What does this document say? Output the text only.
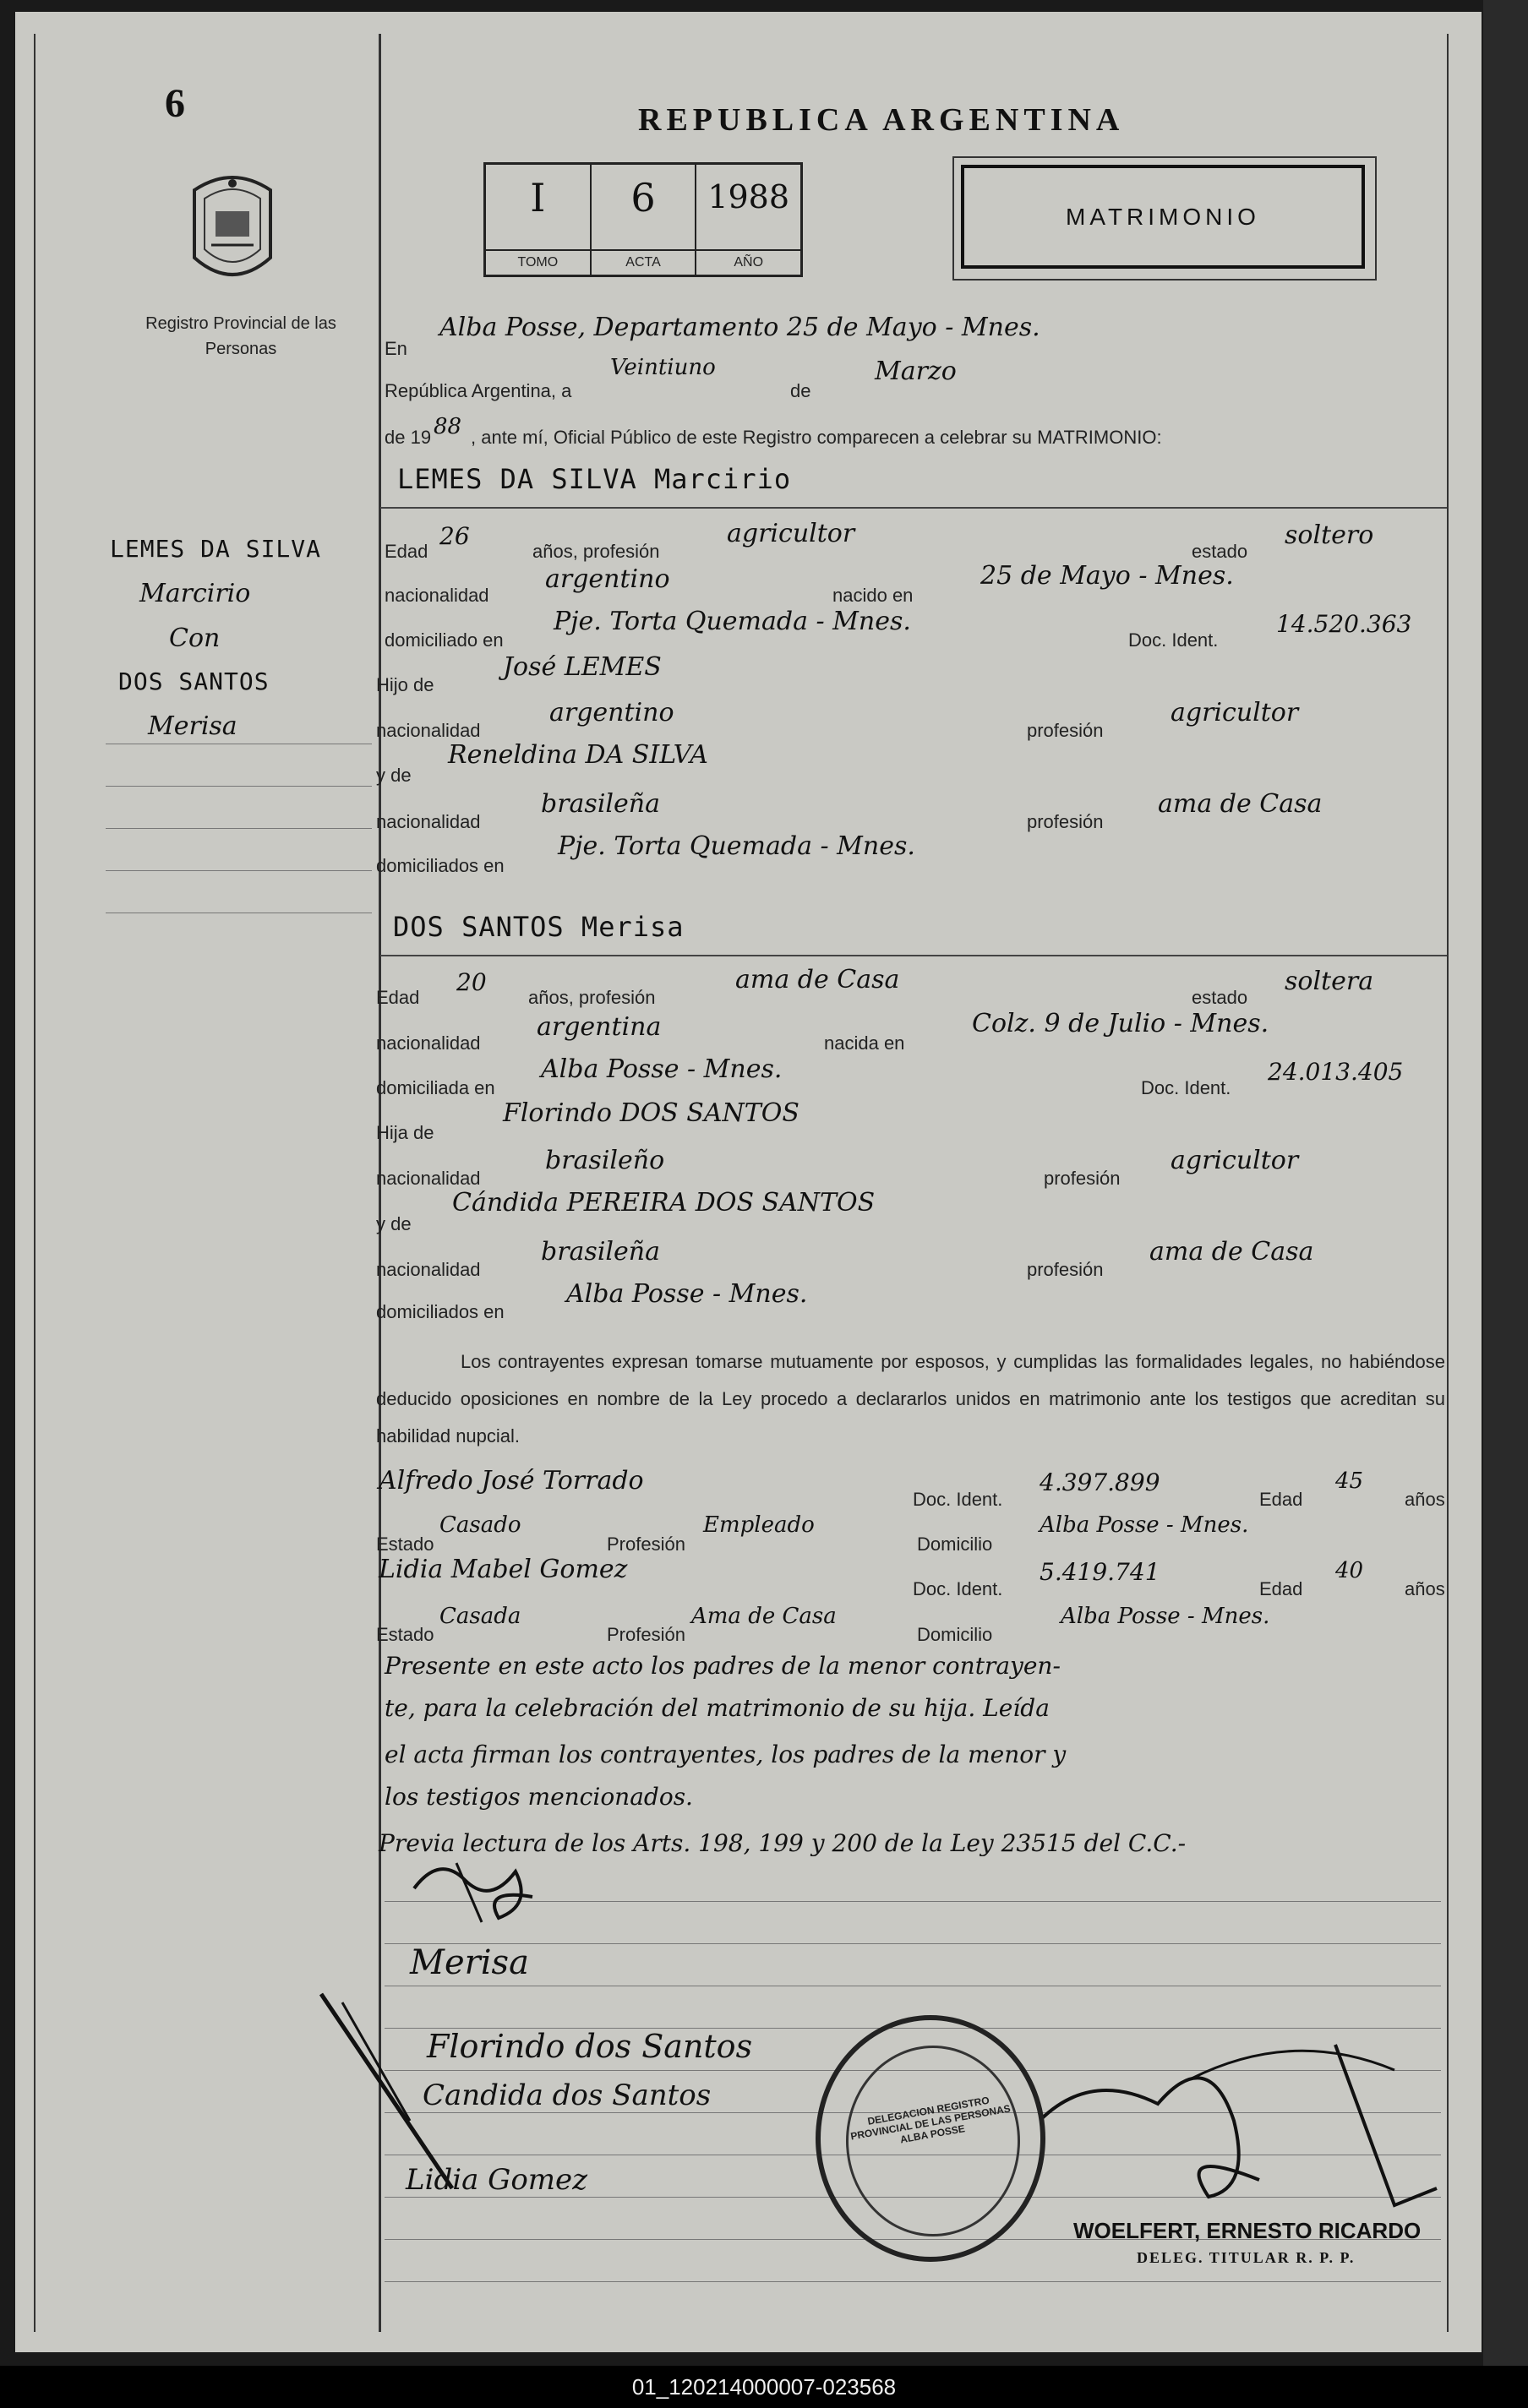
6
Registro Provincial de las Personas
REPUBLICA ARGENTINA
I
TOMO
6
ACTA
1988
AÑO
MATRIMONIO
LEMES DA SILVA
Marcirio
Con
DOS SANTOS
Merisa
En
Alba Posse, Departamento 25 de Mayo - Mnes.
República Argentina, a
Veintiuno
de
Marzo
de 19 88 , ante mí, Oficial Público de este Registro comparecen a celebrar su MATRIMONIO:
LEMES DA SILVA Marcirio
Edad
26
años, profesión
agricultor
estado
soltero
nacionalidad
argentino
nacido en
25 de Mayo - Mnes.
domiciliado en
Pje. Torta Quemada - Mnes.
Doc. Ident.
14.520.363
Hijo de
José LEMES
nacionalidad
argentino
profesión
agricultor
y de
Reneldina DA SILVA
nacionalidad
brasileña
profesión
ama de Casa
domiciliados en
Pje. Torta Quemada - Mnes.
DOS SANTOS Merisa
Edad
20
años, profesión
ama de Casa
estado
soltera
nacionalidad
argentina
nacida en
Colz. 9 de Julio - Mnes.
domiciliada en
Alba Posse - Mnes.
Doc. Ident.
24.013.405
Hija de
Florindo DOS SANTOS
nacionalidad
brasileño
profesión
agricultor
y de
Cándida PEREIRA DOS SANTOS
nacionalidad
brasileña
profesión
ama de Casa
domiciliados en
Alba Posse - Mnes.
Los contrayentes expresan tomarse mutuamente por esposos, y cumplidas las formalidades legales, no habiéndose deducido oposiciones en nombre de la Ley procedo a declararlos unidos en matrimonio ante los testigos que acreditan su habilidad nupcial.
Alfredo José Torrado
Doc. Ident.
4.397.899
Edad
45
años
Estado
Casado
Profesión
Empleado
Domicilio
Alba Posse - Mnes.
Lidia Mabel Gomez
Doc. Ident.
5.419.741
Edad
40
años
Estado
Casada
Profesión
Ama de Casa
Domicilio
Alba Posse - Mnes.
Presente en este acto los padres de la menor contrayen-
te, para la celebración del matrimonio de su hija. Leída
el acta firman los contrayentes, los padres de la menor y
los testigos mencionados.
Previa lectura de los Arts. 198, 199 y 200 de la Ley 23515 del C.C.-
Merisa
Florindo dos Santos
Candida dos Santos
Lidia Gomez
DELEGACION REGISTRO PROVINCIAL DE LAS PERSONAS ALBA POSSE
WOELFERT, ERNESTO RICARDO
DELEG. TITULAR R. P. P.
01_120214000007-023568
